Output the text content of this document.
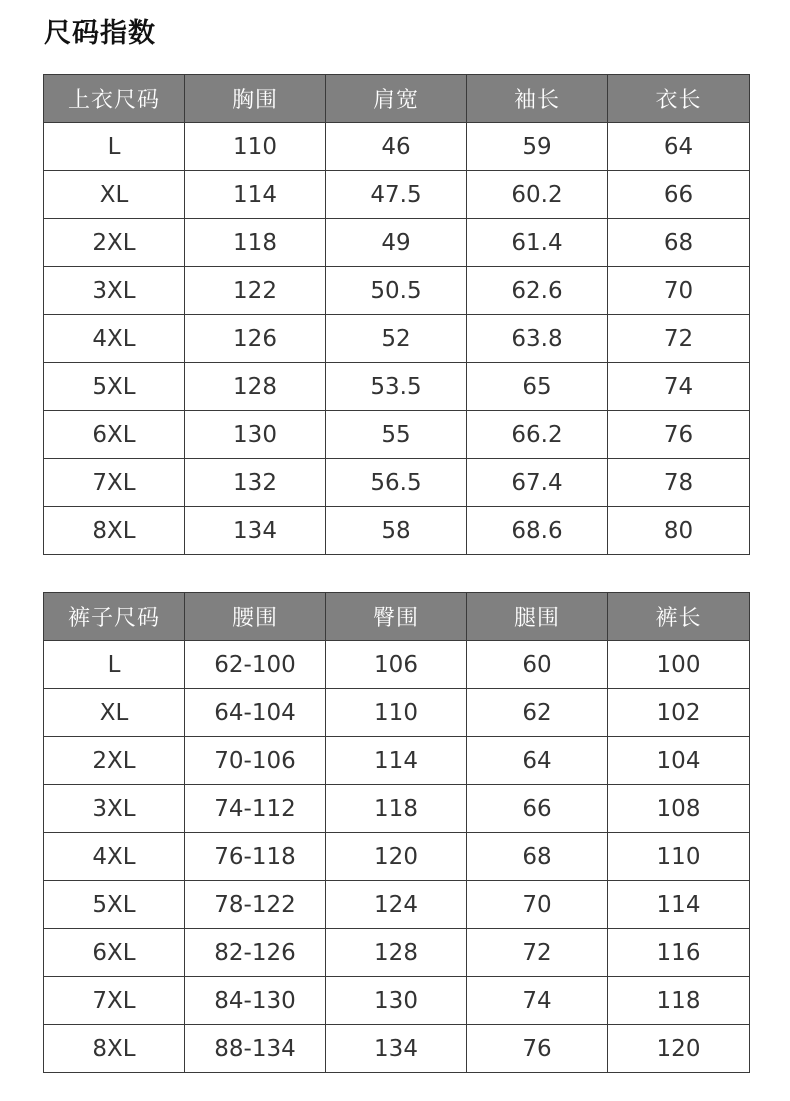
尺码指数
上衣尺码	胸围	肩宽	袖长	衣长
L	110	46	59	64
XL	114	47.5	60.2	66
2XL	118	49	61.4	68
3XL	122	50.5	62.6	70
4XL	126	52	63.8	72
5XL	128	53.5	65	74
6XL	130	55	66.2	76
7XL	132	56.5	67.4	78
8XL	134	58	68.6	80
裤子尺码	腰围	臀围	腿围	裤长
L	62-100	106	60	100
XL	64-104	110	62	102
2XL	70-106	114	64	104
3XL	74-112	118	66	108
4XL	76-118	120	68	110
5XL	78-122	124	70	114
6XL	82-126	128	72	116
7XL	84-130	130	74	118
8XL	88-134	134	76	120
